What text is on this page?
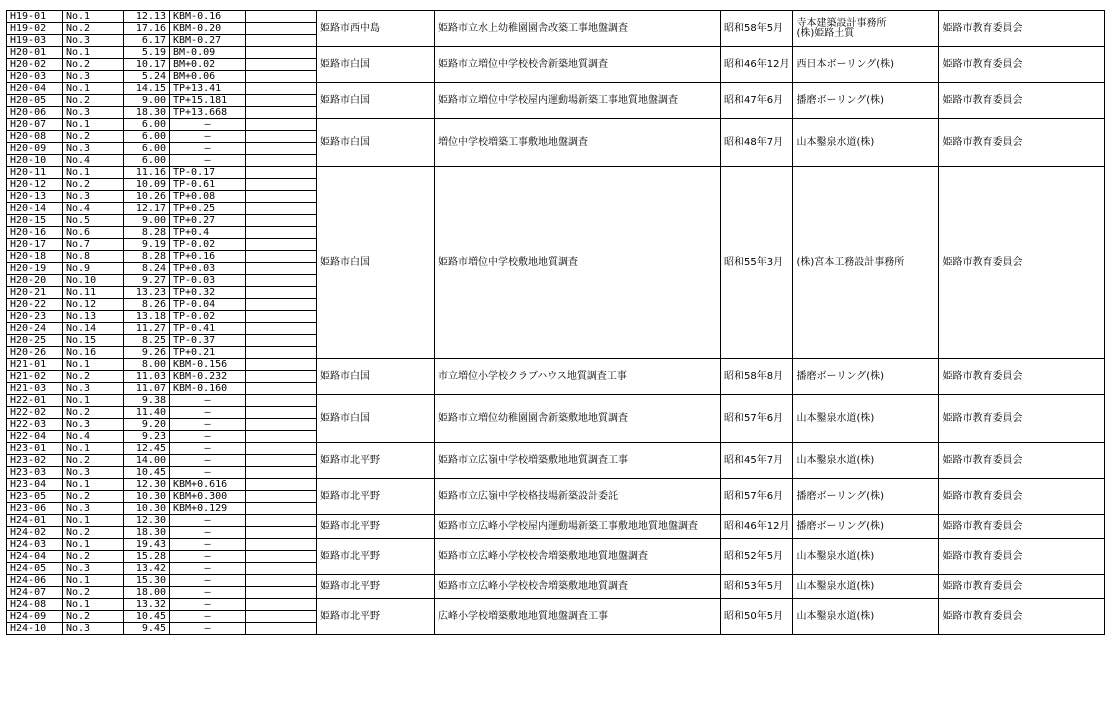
H19-01	No.1	12.13	KBM-0.16		姫路市西中島	姫路市立水上幼稚園園舎改築工事地盤調査	昭和58年5月	寺本建築設計事務所
(株)姫路土質	姫路市教育委員会
H19-02	No.2	17.16	KBM-0.20						
H19-03	No.3	6.17	KBM-0.27						
H20-01	No.1	5.19	BM-0.09		姫路市白国	姫路市立増位中学校校舎新築地質調査	昭和46年12月	西日本ボーリング(株)	姫路市教育委員会
H20-02	No.2	10.17	BM+0.02						
H20-03	No.3	5.24	BM+0.06						
H20-04	No.1	14.15	TP+13.41		姫路市白国	姫路市立増位中学校屋内運動場新築工事地質地盤調査	昭和47年6月	播磨ボーリング(株)	姫路市教育委員会
H20-05	No.2	9.00	TP+15.181						
H20-06	No.3	18.30	TP+13.668						
H20-07	No.1	6.00	—		姫路市白国	増位中学校増築工事敷地地盤調査	昭和48年7月	山本鑿泉水道(株)	姫路市教育委員会
H20-08	No.2	6.00	—						
H20-09	No.3	6.00	—						
H20-10	No.4	6.00	—						
H20-11	No.1	11.16	TP-0.17		姫路市白国	姫路市増位中学校敷地地質調査	昭和55年3月	(株)宮本工務設計事務所	姫路市教育委員会
H20-12	No.2	10.09	TP-0.61						
H20-13	No.3	10.26	TP+0.08						
H20-14	No.4	12.17	TP+0.25						
H20-15	No.5	9.00	TP+0.27						
H20-16	No.6	8.28	TP+0.4						
H20-17	No.7	9.19	TP-0.02						
H20-18	No.8	8.28	TP+0.16						
H20-19	No.9	8.24	TP+0.03						
H20-20	No.10	9.27	TP-0.03						
H20-21	No.11	13.23	TP+0.32						
H20-22	No.12	8.26	TP-0.04						
H20-23	No.13	13.18	TP-0.02						
H20-24	No.14	11.27	TP-0.41						
H20-25	No.15	8.25	TP-0.37						
H20-26	No.16	9.26	TP+0.21						
H21-01	No.1	8.00	KBM-0.156		姫路市白国	市立増位小学校クラブハウス地質調査工事	昭和58年8月	播磨ボーリング(株)	姫路市教育委員会
H21-02	No.2	11.03	KBM-0.232						
H21-03	No.3	11.07	KBM-0.160						
H22-01	No.1	9.38	—		姫路市白国	姫路市立増位幼稚園園舎新築敷地地質調査	昭和57年6月	山本鑿泉水道(株)	姫路市教育委員会
H22-02	No.2	11.40	—						
H22-03	No.3	9.20	—						
H22-04	No.4	9.23	—						
H23-01	No.1	12.45	—		姫路市北平野	姫路市立広嶺中学校増築敷地地質調査工事	昭和45年7月	山本鑿泉水道(株)	姫路市教育委員会
H23-02	No.2	14.00	—						
H23-03	No.3	10.45	—						
H23-04	No.1	12.30	KBM+0.616		姫路市北平野	姫路市立広嶺中学校格技場新築設計委託	昭和57年6月	播磨ボーリング(株)	姫路市教育委員会
H23-05	No.2	10.30	KBM+0.300						
H23-06	No.3	10.30	KBM+0.129						
H24-01	No.1	12.30	—		姫路市北平野	姫路市立広峰小学校屋内運動場新築工事敷地地質地盤調査	昭和46年12月	播磨ボーリング(株)	姫路市教育委員会
H24-02	No.2	18.30	—						
H24-03	No.1	19.43	—		姫路市北平野	姫路市立広峰小学校校舎増築敷地地質地盤調査	昭和52年5月	山本鑿泉水道(株)	姫路市教育委員会
H24-04	No.2	15.28	—						
H24-05	No.3	13.42	—						
H24-06	No.1	15.30	—		姫路市北平野	姫路市立広峰小学校校舎増築敷地地質調査	昭和53年5月	山本鑿泉水道(株)	姫路市教育委員会
H24-07	No.2	18.00	—						
H24-08	No.1	13.32	—		姫路市北平野	広峰小学校増築敷地地質地盤調査工事	昭和50年5月	山本鑿泉水道(株)	姫路市教育委員会
H24-09	No.2	10.45	—						
H24-10	No.3	9.45	—						
